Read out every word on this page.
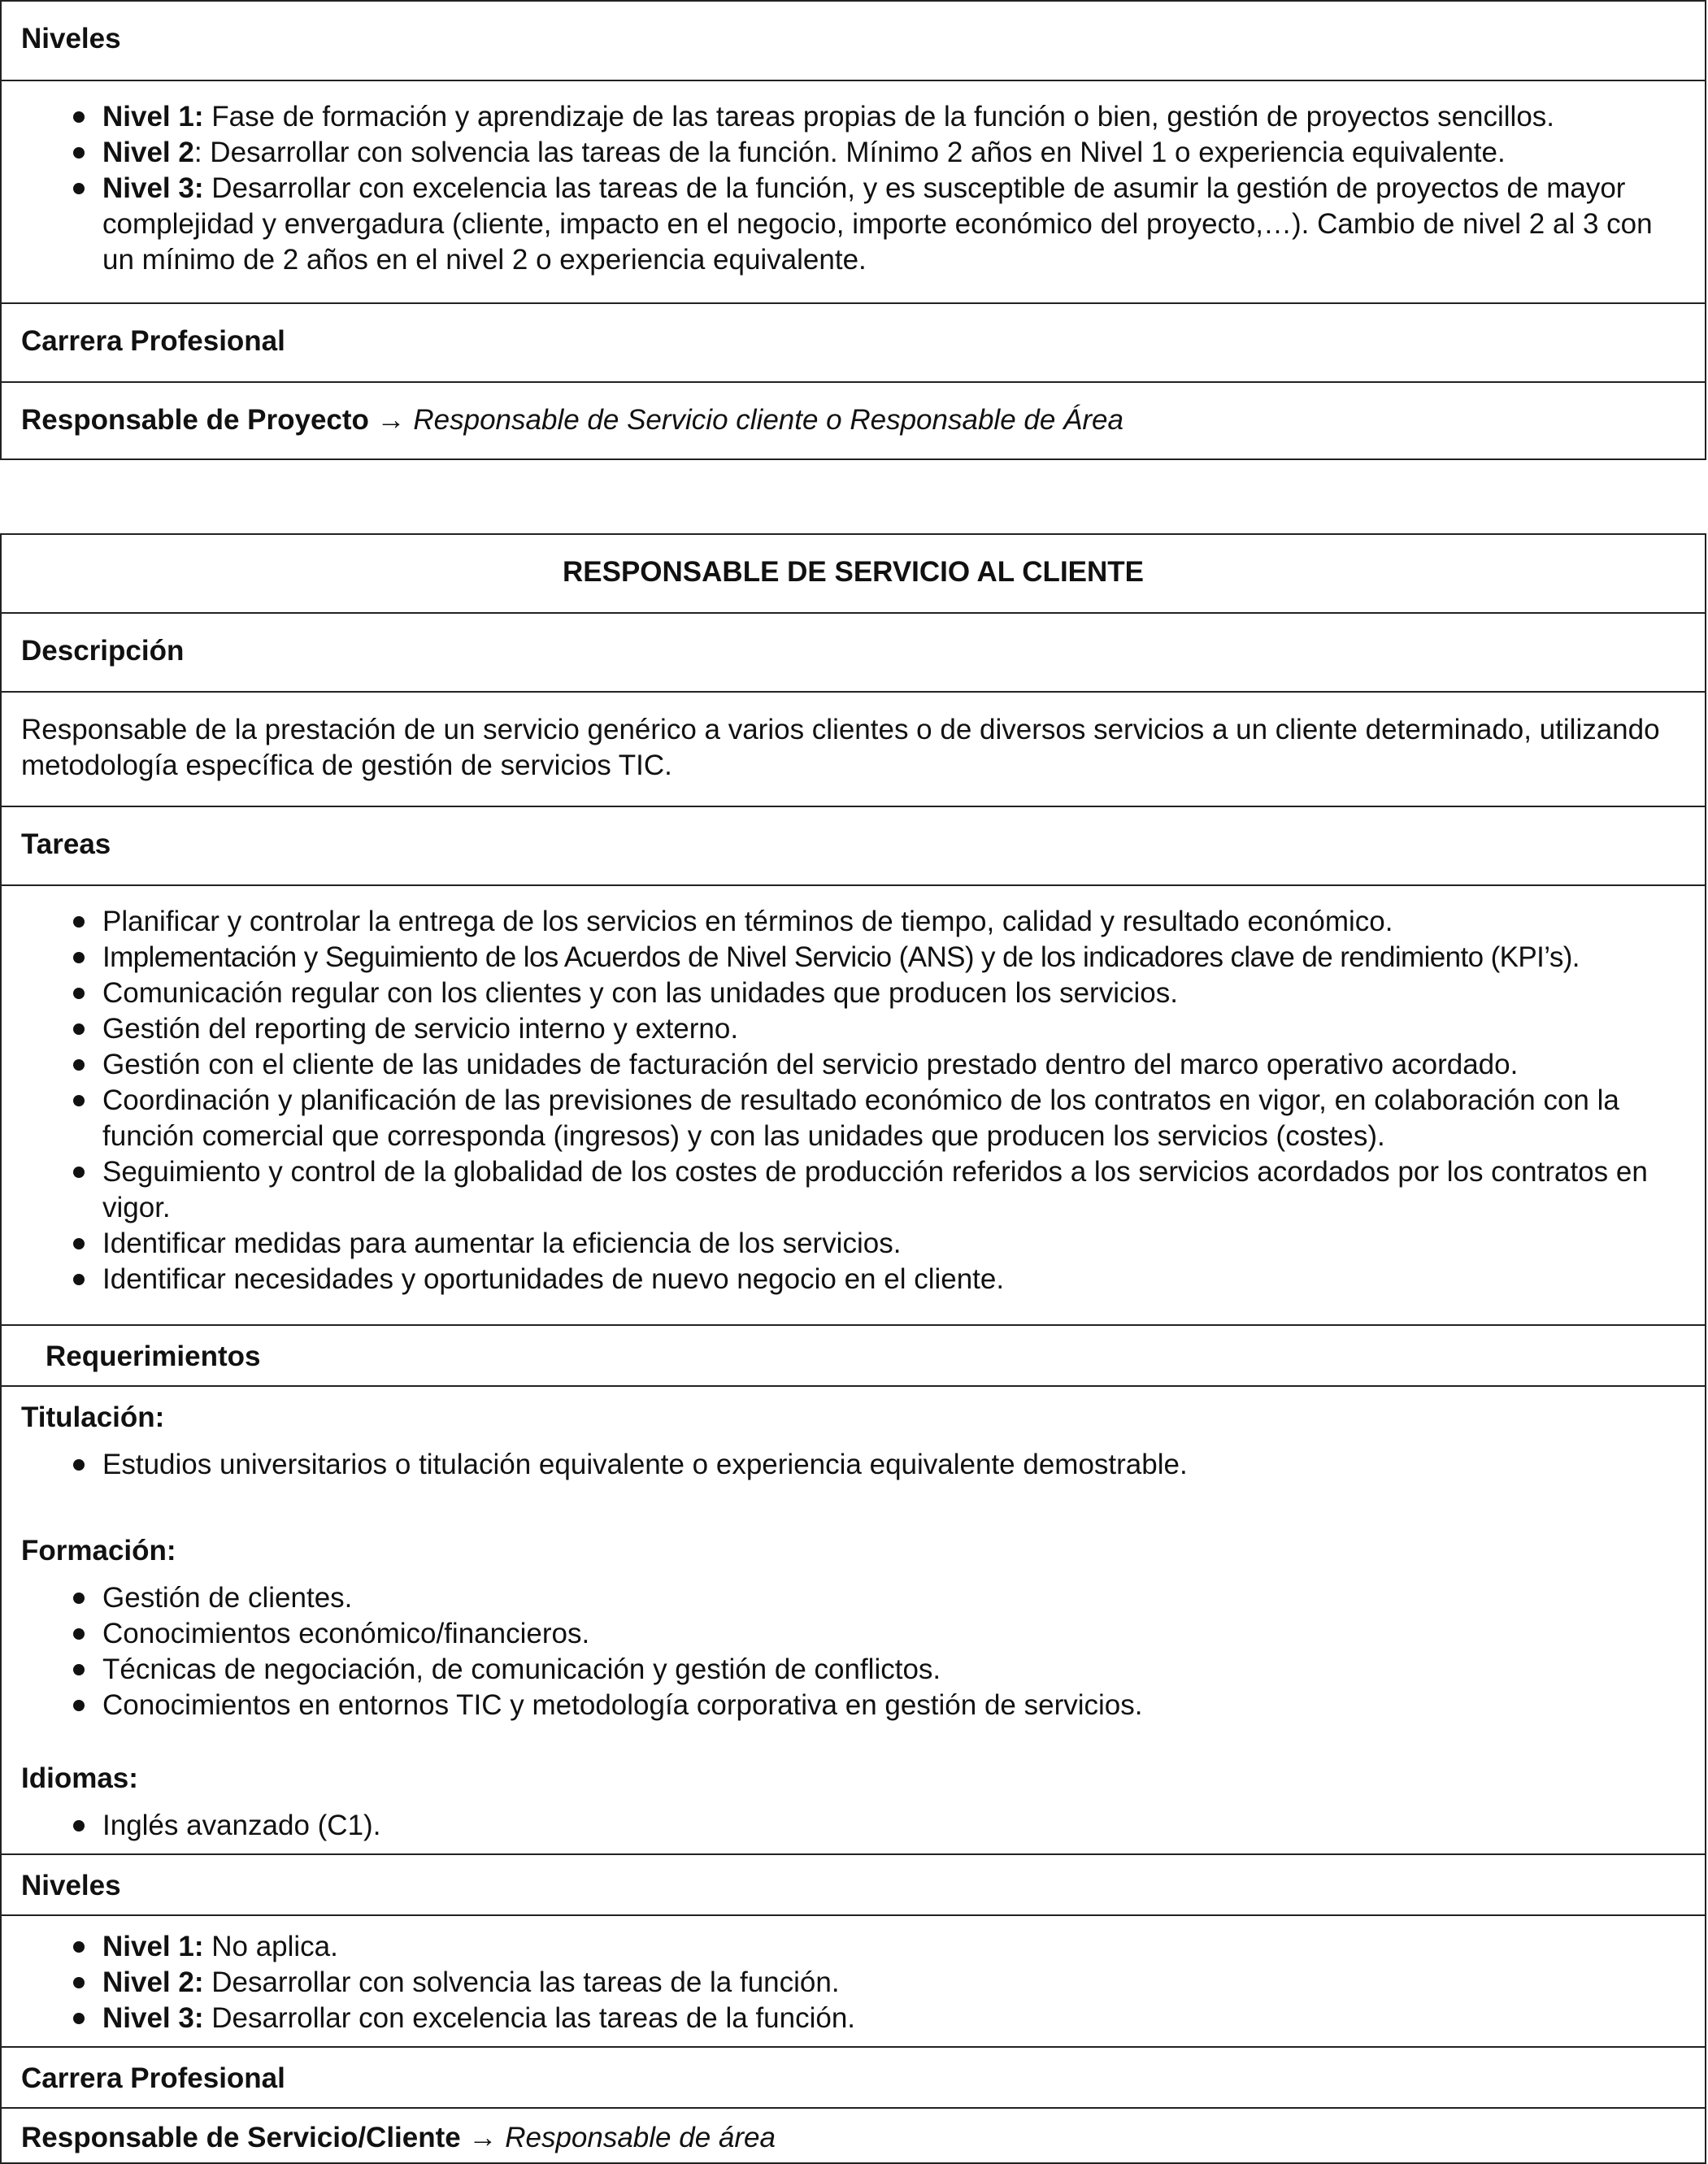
Niveles
Nivel 1: Fase de formación y aprendizaje de las tareas propias de la función o bien, gestión de proyectos sencillos.
Nivel 2: Desarrollar con solvencia las tareas de la función. Mínimo 2 años en Nivel 1 o experiencia equivalente.
Nivel 3: Desarrollar con excelencia las tareas de la función, y es susceptible de asumir la gestión de proyectos de mayor complejidad y envergadura (cliente, impacto en el negocio, importe económico del proyecto,…). Cambio de nivel 2 al 3 con un mínimo de 2 años en el nivel 2 o experiencia equivalente.
Carrera Profesional
Responsable de Proyecto → Responsable de Servicio cliente o Responsable de Área
RESPONSABLE DE SERVICIO AL CLIENTE
Descripción
Responsable de la prestación de un servicio genérico a varios clientes o de diversos servicios a un cliente determinado, utilizando metodología específica de gestión de servicios TIC.
Tareas
Planificar y controlar la entrega de los servicios en términos de tiempo, calidad y resultado económico.
Implementación y Seguimiento de los Acuerdos de Nivel Servicio (ANS) y de los indicadores clave de rendimiento (KPI’s).
Comunicación regular con los clientes y con las unidades que producen los servicios.
Gestión del reporting de servicio interno y externo.
Gestión con el cliente de las unidades de facturación del servicio prestado dentro del marco operativo acordado.
Coordinación y planificación de las previsiones de resultado económico de los contratos en vigor, en colaboración con la función comercial que corresponda (ingresos) y con las unidades que producen los servicios (costes).
Seguimiento y control de la globalidad de los costes de producción referidos a los servicios acordados por los contratos en vigor.
Identificar medidas para aumentar la eficiencia de los servicios.
Identificar necesidades y oportunidades de nuevo negocio en el cliente.
Requerimientos
Titulación:
Estudios universitarios o titulación equivalente o experiencia equivalente demostrable.
Formación:
Gestión de clientes.
Conocimientos económico/financieros.
Técnicas de negociación, de comunicación y gestión de conflictos.
Conocimientos en entornos TIC y metodología corporativa en gestión de servicios.
Idiomas:
Inglés avanzado (C1).
Niveles
Nivel 1: No aplica.
Nivel 2: Desarrollar con solvencia las tareas de la función.
Nivel 3: Desarrollar con excelencia las tareas de la función.
Carrera Profesional
Responsable de Servicio/Cliente → Responsable de área
